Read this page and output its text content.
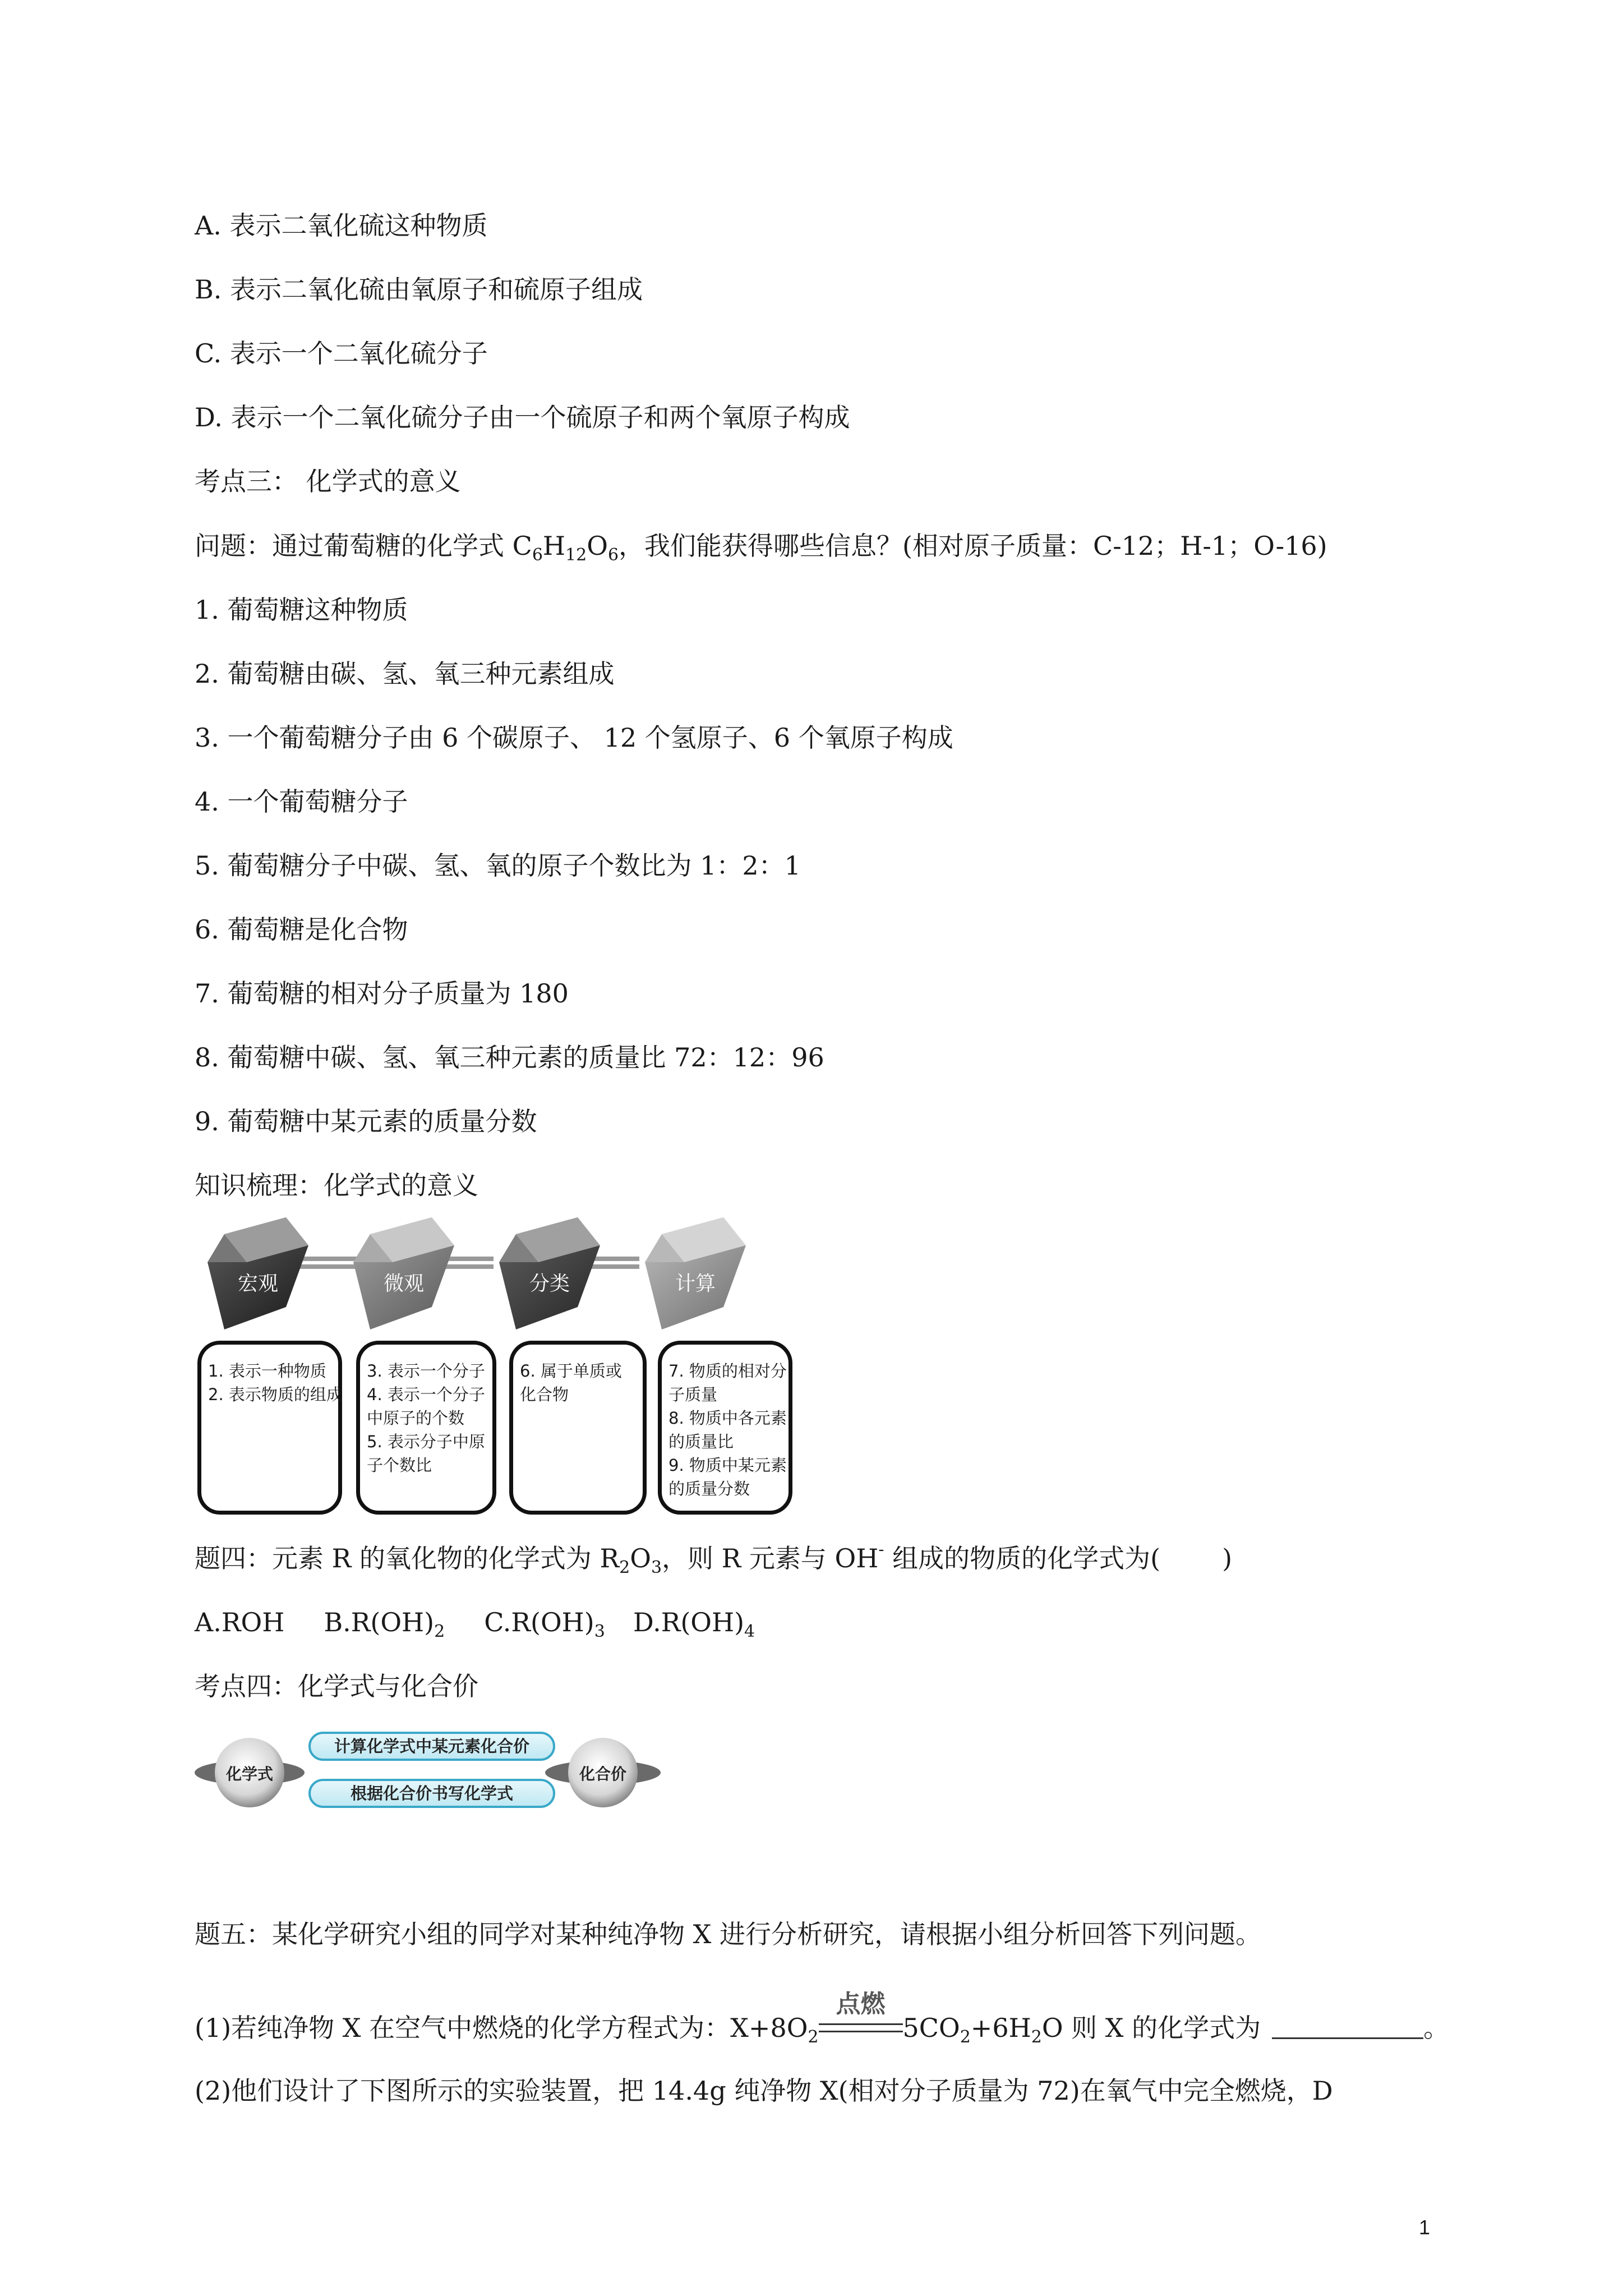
A. 表示二氧化硫这种物质
B. 表示二氧化硫由氧原子和硫原子组成
C. 表示一个二氧化硫分子
D. 表示一个二氧化硫分子由一个硫原子和两个氧原子构成
考点三： 化学式的意义
问题：通过葡萄糖的化学式 $C_6H_{12}O_6$，我们能获得哪些信息？(相对原子质量：C-12；H-1；O-16)
1. 葡萄糖这种物质
2. 葡萄糖由碳、氢、氧三种元素组成
3. 一个葡萄糖分子由 6 个碳原子、 12 个氢原子、6 个氧原子构成
4. 一个葡萄糖分子
5. 葡萄糖分子中碳、氢、氧的原子个数比为 1：2：1
6. 葡萄糖是化合物
7. 葡萄糖的相对分子质量为 180
8. 葡萄糖中碳、氢、氧三种元素的质量比 72：12：96
9. 葡萄糖中某元素的质量分数
知识梳理：化学式的意义
宏观	微观	分类	计算
1. 表示一种物质
2. 表示物质的组成
3. 表示一个分子
4. 表示一个分子
中原子的个数
5. 表示分子中原
子个数比
6. 属于单质或
化合物
7. 物质的相对分
子质量
8. 物质中各元素
的质量比
9. 物质中某元素
的质量分数
题四：元素 R 的氧化物的化学式为 $R_2O_3$，则 R 元素与 OH- 组成的物质的化学式为( )
A.ROH $B.R(OH)_2$ $C.R(OH)_3$ $D.R(OH)_4$
考点四：化学式与化合价
化学式
计算化学式中某元素化合价
根据化合价书写化学式
化合价
题五：某化学研究小组的同学对某种纯净物 X 进行分析研究，请根据小组分析回答下列问题。
(1)若纯净物 X 在空气中燃烧的化学方程式为：$X+8O_2$
点燃
$5CO_2+6H_2O$ 则 X 的化学式为	。
(2)他们设计了下图所示的实验装置，把 14.4g 纯净物 X(相对分子质量为 72)在氧气中完全燃烧，D
1
